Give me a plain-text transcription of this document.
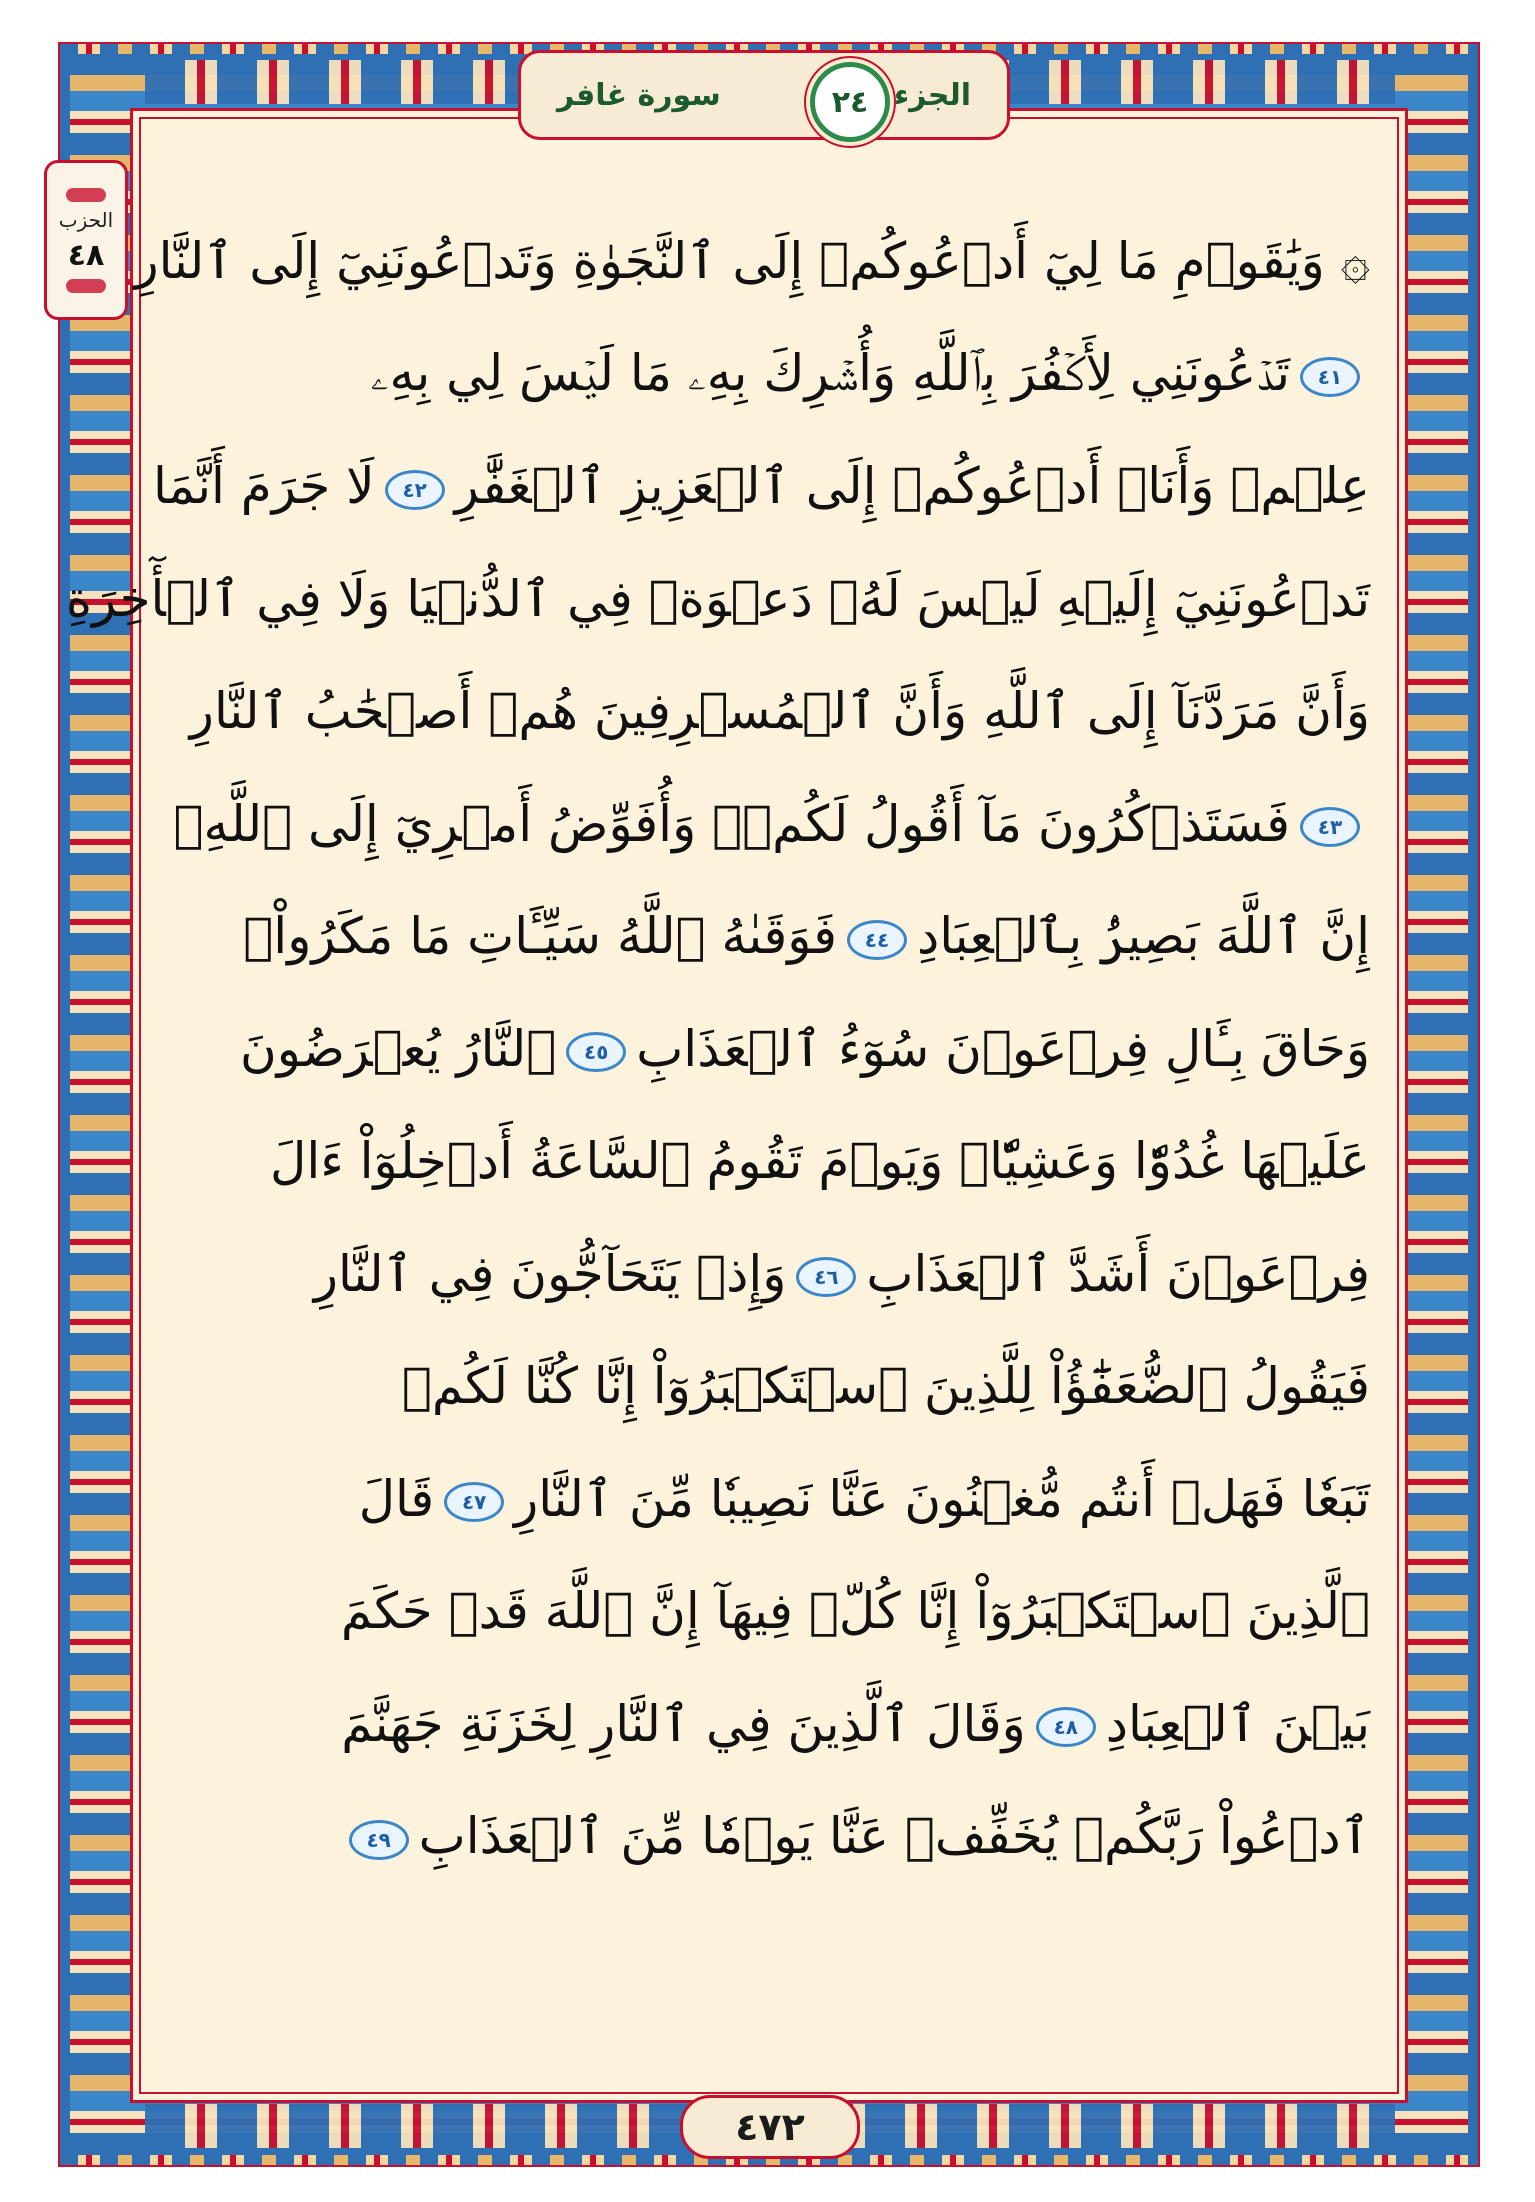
الجزء
سورة غافر	٢٤
الحزب
٤٨ ۞ وَيَٰقَوۡمِ مَا لِيٓ أَدۡعُوكُمۡ إِلَى ٱلنَّجَوٰةِ وَتَدۡعُونَنِيٓ إِلَى ٱلنَّارِ
٤١تَدۡعُونَنِي لِأَكۡفُرَ بِٱللَّهِ وَأُشۡرِكَ بِهِۦ مَا لَيۡسَ لِي بِهِۦ
عِلۡمٞ وَأَنَا۠ أَدۡعُوكُمۡ إِلَى ٱلۡعَزِيزِ ٱلۡغَفَّٰرِ٤٢لَا جَرَمَ أَنَّمَا
تَدۡعُونَنِيٓ إِلَيۡهِ لَيۡسَ لَهُۥ دَعۡوَةٞ فِي ٱلدُّنۡيَا وَلَا فِي ٱلۡأٓخِرَةِ
وَأَنَّ مَرَدَّنَآ إِلَى ٱللَّهِ وَأَنَّ ٱلۡمُسۡرِفِينَ هُمۡ أَصۡحَٰبُ ٱلنَّارِ
٤٣فَسَتَذۡكُرُونَ مَآ أَقُولُ لَكُمۡۚ وَأُفَوِّضُ أَمۡرِيٓ إِلَى ٱللَّهِۚ
إِنَّ ٱللَّهَ بَصِيرُۢ بِٱلۡعِبَادِ٤٤فَوَقَىٰهُ ٱللَّهُ سَيِّـَٔاتِ مَا مَكَرُواْۖ
وَحَاقَ بِـَٔالِ فِرۡعَوۡنَ سُوٓءُ ٱلۡعَذَابِ٤٥ٱلنَّارُ يُعۡرَضُونَ
عَلَيۡهَا غُدُوّٗا وَعَشِيّٗاۚ وَيَوۡمَ تَقُومُ ٱلسَّاعَةُ أَدۡخِلُوٓاْ ءَالَ
فِرۡعَوۡنَ أَشَدَّ ٱلۡعَذَابِ٤٦وَإِذۡ يَتَحَآجُّونَ فِي ٱلنَّارِ
فَيَقُولُ ٱلضُّعَفَٰٓؤُاْ لِلَّذِينَ ٱسۡتَكۡبَرُوٓاْ إِنَّا كُنَّا لَكُمۡ
تَبَعٗا فَهَلۡ أَنتُم مُّغۡنُونَ عَنَّا نَصِيبٗا مِّنَ ٱلنَّارِ٤٧قَالَ
ٱلَّذِينَ ٱسۡتَكۡبَرُوٓاْ إِنَّا كُلّٞ فِيهَآ إِنَّ ٱللَّهَ قَدۡ حَكَمَ
بَيۡنَ ٱلۡعِبَادِ٤٨وَقَالَ ٱلَّذِينَ فِي ٱلنَّارِ لِخَزَنَةِ جَهَنَّمَ
ٱدۡعُواْ رَبَّكُمۡ يُخَفِّفۡ عَنَّا يَوۡمٗا مِّنَ ٱلۡعَذَابِ٤٩
٤٧٢
